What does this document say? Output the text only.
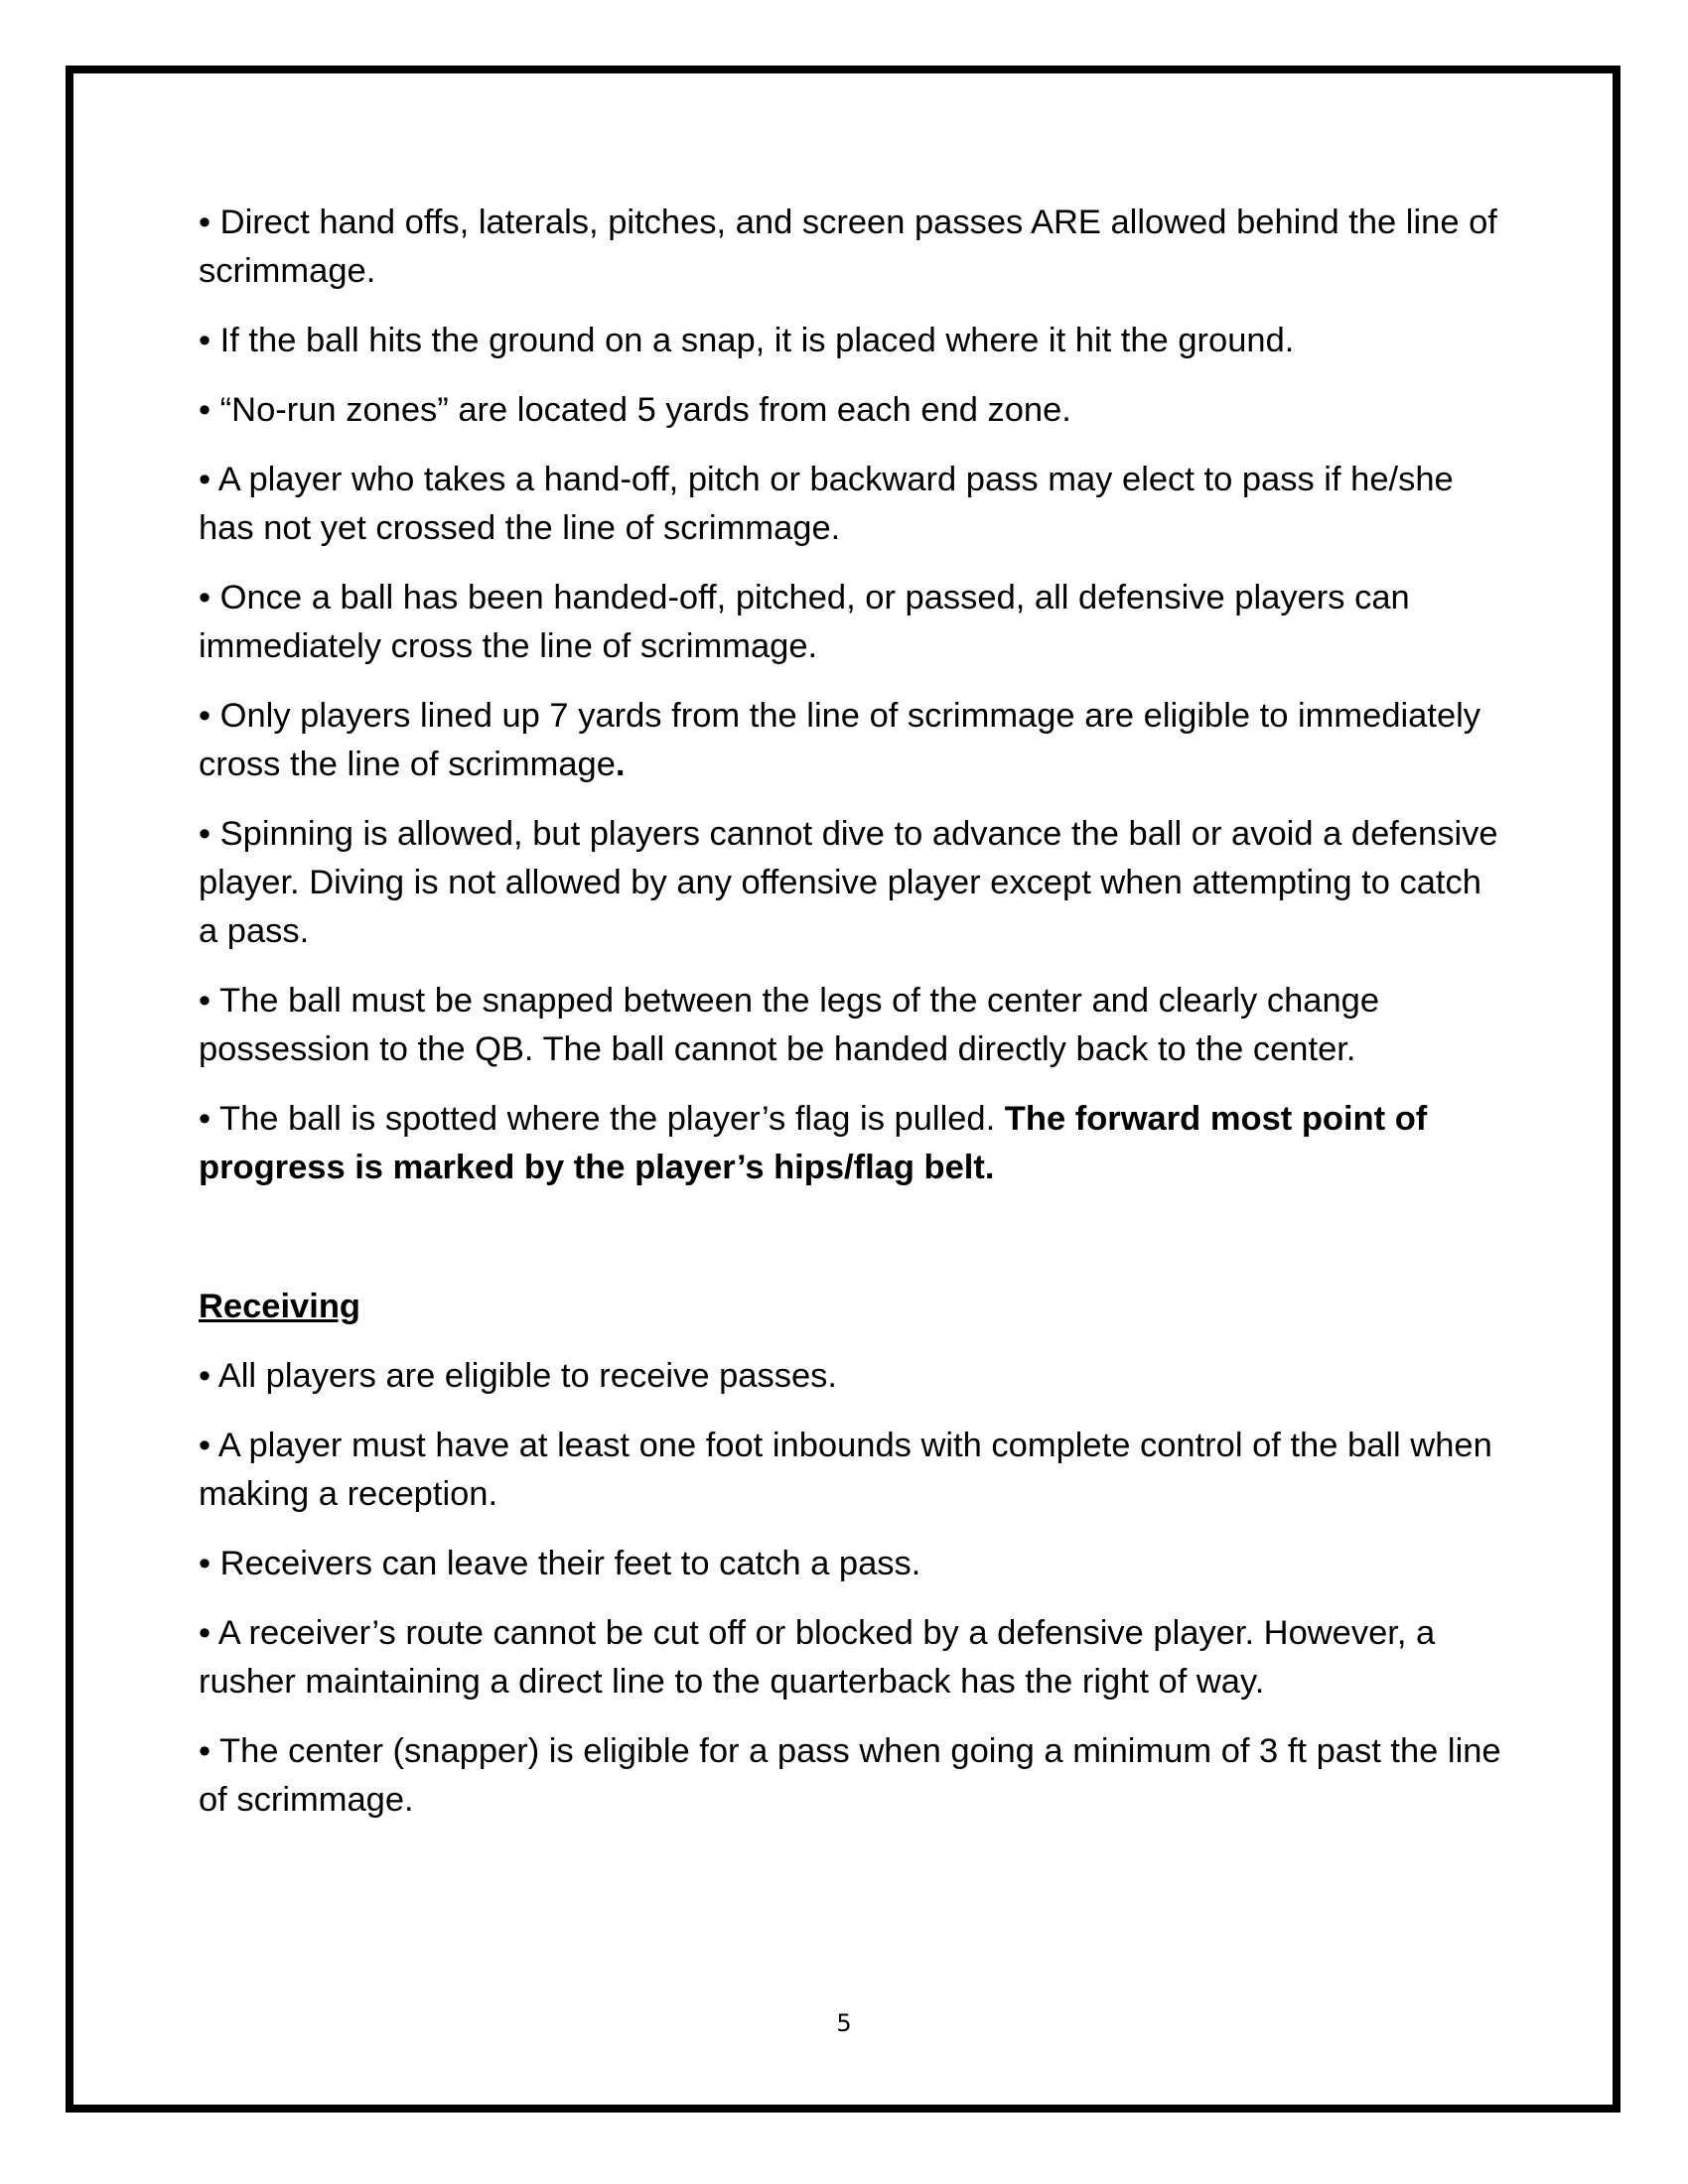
• Direct hand offs, laterals, pitches, and screen passes ARE allowed behind the line of scrimmage.

• If the ball hits the ground on a snap, it is placed where it hit the ground.

• “No-run zones” are located 5 yards from each end zone.

• A player who takes a hand-off, pitch or backward pass may elect to pass if he/she has not yet crossed the line of scrimmage.

• Once a ball has been handed-off, pitched, or passed, all defensive players can immediately cross the line of scrimmage.

• Only players lined up 7 yards from the line of scrimmage are eligible to immediately cross the line of scrimmage.

• Spinning is allowed, but players cannot dive to advance the ball or avoid a defensive player. Diving is not allowed by any offensive player except when attempting to catch a pass.

• The ball must be snapped between the legs of the center and clearly change possession to the QB. The ball cannot be handed directly back to the center.

• The ball is spotted where the player’s flag is pulled. The forward most point of progress is marked by the player’s hips/flag belt.

Receiving

• All players are eligible to receive passes.

• A player must have at least one foot inbounds with complete control of the ball when making a reception.

• Receivers can leave their feet to catch a pass.

• A receiver’s route cannot be cut off or blocked by a defensive player. However, a rusher maintaining a direct line to the quarterback has the right of way.

• The center (snapper) is eligible for a pass when going a minimum of 3 ft past the line of scrimmage.

5
